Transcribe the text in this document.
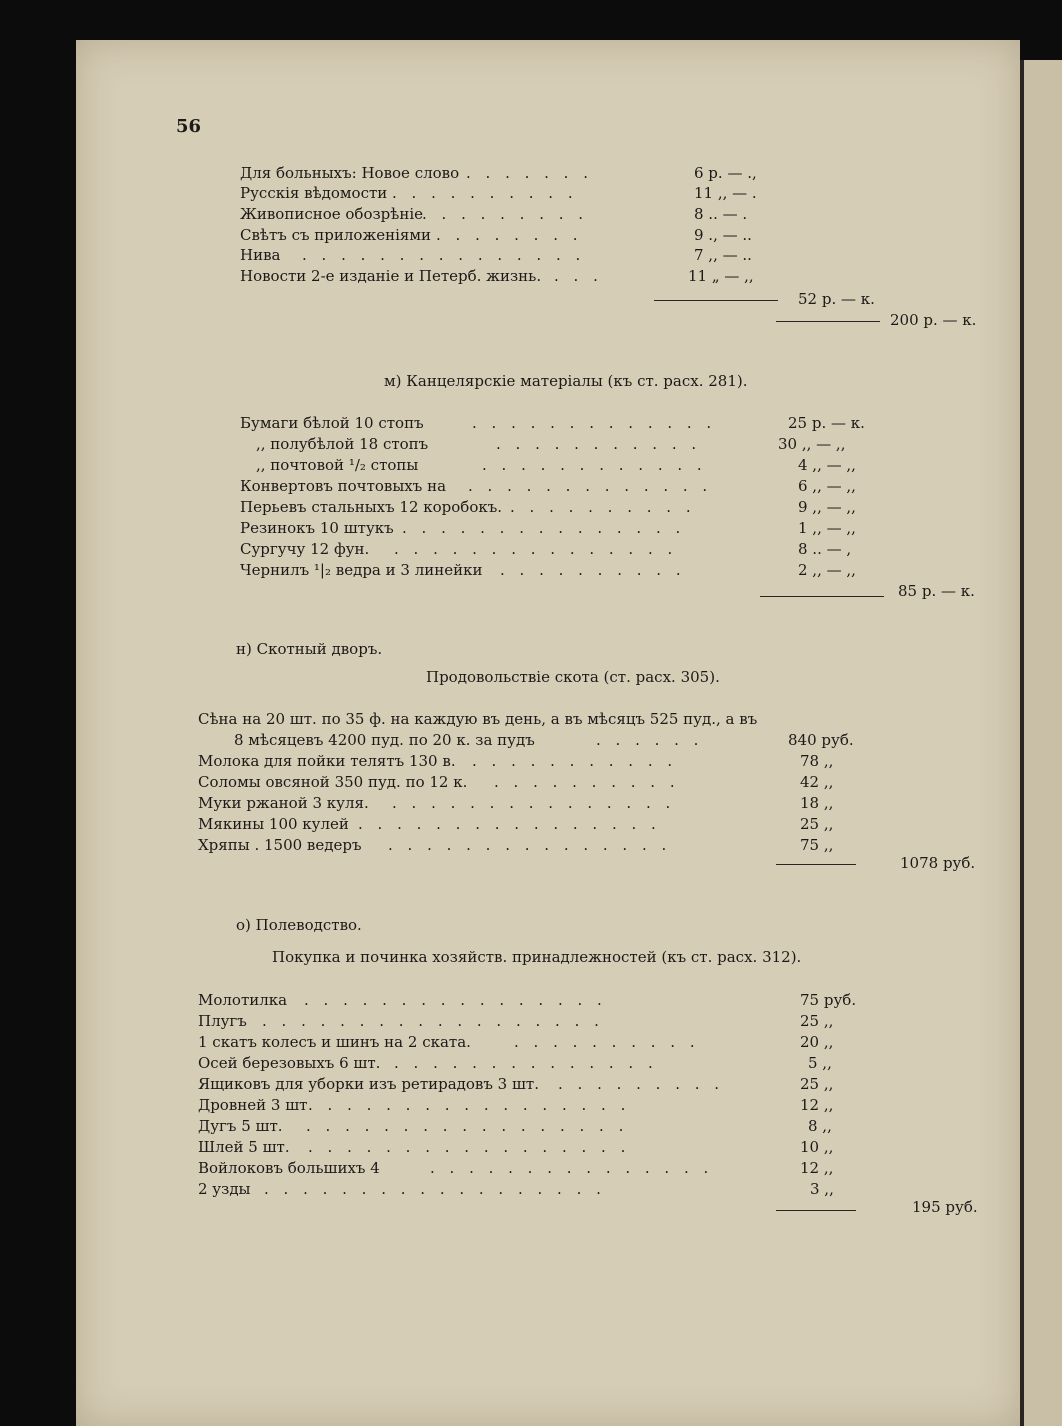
56
Для больныхъ: Новое слово . . . . . . .	6 р. — .,
Русскія вѣдомости . . . . . . . . . .	11 ,, — .
Живописное обозрѣніе . . . . . . . . .	8 .. — .
Свѣтъ съ приложеніями . . . . . . . .	9 ., — ..
Нива . . . . . . . . . . . . . . .	7 ,, — ..
Новости 2-е изданіе и Петерб. жизнь. . . .	11 „ — ,,
52 р. — к.
200 р. — к.
м) Канцелярскіе матеріалы (къ ст. расх. 281).
Бумаги бѣлой 10 стопъ	. . . . . . . . . . . . .	25 р. — к.
,, полубѣлой 18 стопъ	. . . . . . . . . . .	30 ,, — ,,
,, почтовой ¹/₂ стопы	. . . . . . . . . . . .	4 ,, — ,,
Конвертовъ почтовыхъ на . . . . . . . . . . . . .	6 ,, — ,,
Перьевъ стальныхъ 12 коробокъ. . . . . . . . . . .	9 ,, — ,,
Резинокъ 10 штукъ . . . . . . . . . . . . . . .	1 ,, — ,,
Сургучу 12 фун. . . . . . . . . . . . . . . .	8 .. — ,
Чернилъ ¹|₂ ведра и 3 линейки . . . . . . . . . .	2 ,, — ,,
85 р. — к.
н) Скотный дворъ.
Продовольствіе скота (ст. расх. 305).
Сѣна на 20 шт. по 35 ф. на каждую въ день, а въ мѣсяцъ 525 пуд., а въ
8 мѣсяцевъ 4200 пуд. по 20 к. за пудъ	. . . . . .	840 руб.
Молока для пойки телятъ 130 в. . . . . . . . . . . .	78 ,,
Соломы овсяной 350 пуд. по 12 к. . . . . . . . . . .	42 ,,
Муки ржаной 3 куля. . . . . . . . . . . . . . . .	18 ,,
Мякины 100 кулей . . . . . . . . . . . . . . . .	25 ,,
Хряпы . 1500 ведеръ . . . . . . . . . . . . . . .	75 ,,
1078 руб.
о) Полеводство.
Покупка и починка хозяйств. принадлежностей (къ ст. расх. 312).
Молотилка . . . . . . . . . . . . . . . .	75 руб.
Плугъ . . . . . . . . . . . . . . . . . .	25 ,,
1 скатъ колесъ и шинъ на 2 ската.	. . . . . . . . . .	20 ,,
Осей березовыхъ 6 шт. . . . . . . . . . . . . . .	5 ,,
Ящиковъ для уборки изъ ретирадовъ 3 шт. . . . . . . . . .	25 ,,
Дровней 3 шт . . . . . . . . . . . . . . . . .	12 ,,
Дугъ 5 шт. . . . . . . . . . . . . . . . . .	8 ,,
Шлей 5 шт. . . . . . . . . . . . . . . . . .	10 ,,
Войлоковъ большихъ 4	. . . . . . . . . . . . . . .	12 ,,
2 узды . . . . . . . . . . . . . . . . . .	3 ,,
195 руб.
